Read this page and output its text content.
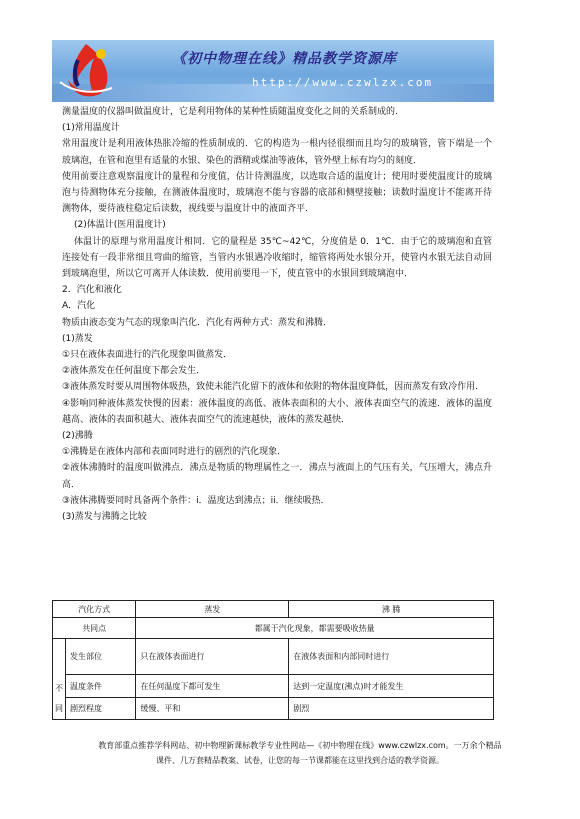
《初中物理在线》精品教学资源库
http://www.czwlzx.com

测量温度的仪器叫做温度计，它是利用物体的某种性质随温度变化之间的关系制成的.

(1)常用温度计

常用温度计是利用液体热胀冷缩的性质制成的．它的构造为一根内径很细而且均匀的玻璃管，管下端是一个玻璃泡，在管和泡里有适量的水银、染色的酒精或煤油等液体，管外壁上标有均匀的刻度．

使用前要注意观察温度计的量程和分度值，估计待测温度，以选取合适的温度计；使用时要使温度计的玻璃泡与待测物体充分接触，在测液体温度时，玻璃泡不能与容器的底部和侧壁接触；读数时温度计不能离开待测物体，要待液柱稳定后读数，视线要与温度计中的液面齐平．

(2)体温计(医用温度计)

体温计的原理与常用温度计相同．它的量程是 35℃~42℃，分度值是 0．1℃．由于它的玻璃泡和直管连接处有一段非常细且弯曲的缩管，当管内水银遇冷收缩时，缩管将两处水银分开，使管内水银无法自动回到玻璃泡里，所以它可离开人体读数．使用前要甩一下，使直管中的水银回到玻璃泡中．

2．汽化和液化

A．汽化

物质由液态变为气态的现象叫汽化．汽化有两种方式：蒸发和沸腾．

(1)蒸发

①只在液体表面进行的汽化现象叫做蒸发．

②液体蒸发在任何温度下都会发生．

③液体蒸发时要从周围物体吸热，致使未能汽化留下的液体和依附的物体温度降低，因而蒸发有致冷作用．

④影响同种液体蒸发快慢的因素：液体温度的高低、液体表面积的大小、液体表面空气的流速．液体的温度越高、液体的表面积越大、液体表面空气的流速越快，液体的蒸发越快．

(2)沸腾

①沸腾是在液体内部和表面同时进行的剧烈的汽化现象．

②液体沸腾时的温度叫做沸点．沸点是物质的物理属性之一．沸点与液面上的气压有关，气压增大，沸点升高．

③液体沸腾要同时具备两个条件：i．温度达到沸点；ii．继续吸热．

(3)蒸发与沸腾之比较

汽化方式		蒸发	沸 腾
共同点		都属于汽化现象，都需要吸收热量	

不
同	发生部位	只在液体表面进行	在液体表面和内部同时进行
	温度条件	在任何温度下都可发生	达到一定温度(沸点)时才能发生
	剧烈程度	缓慢、平和	剧烈
教育部重点推荐学科网站、初中物理新课标教学专业性网站—《初中物理在线》www.czwlzx.com。一万余个精品
课件、几万套精品教案、试卷，让您的每一节课都能在这里找到合适的教学资源。
